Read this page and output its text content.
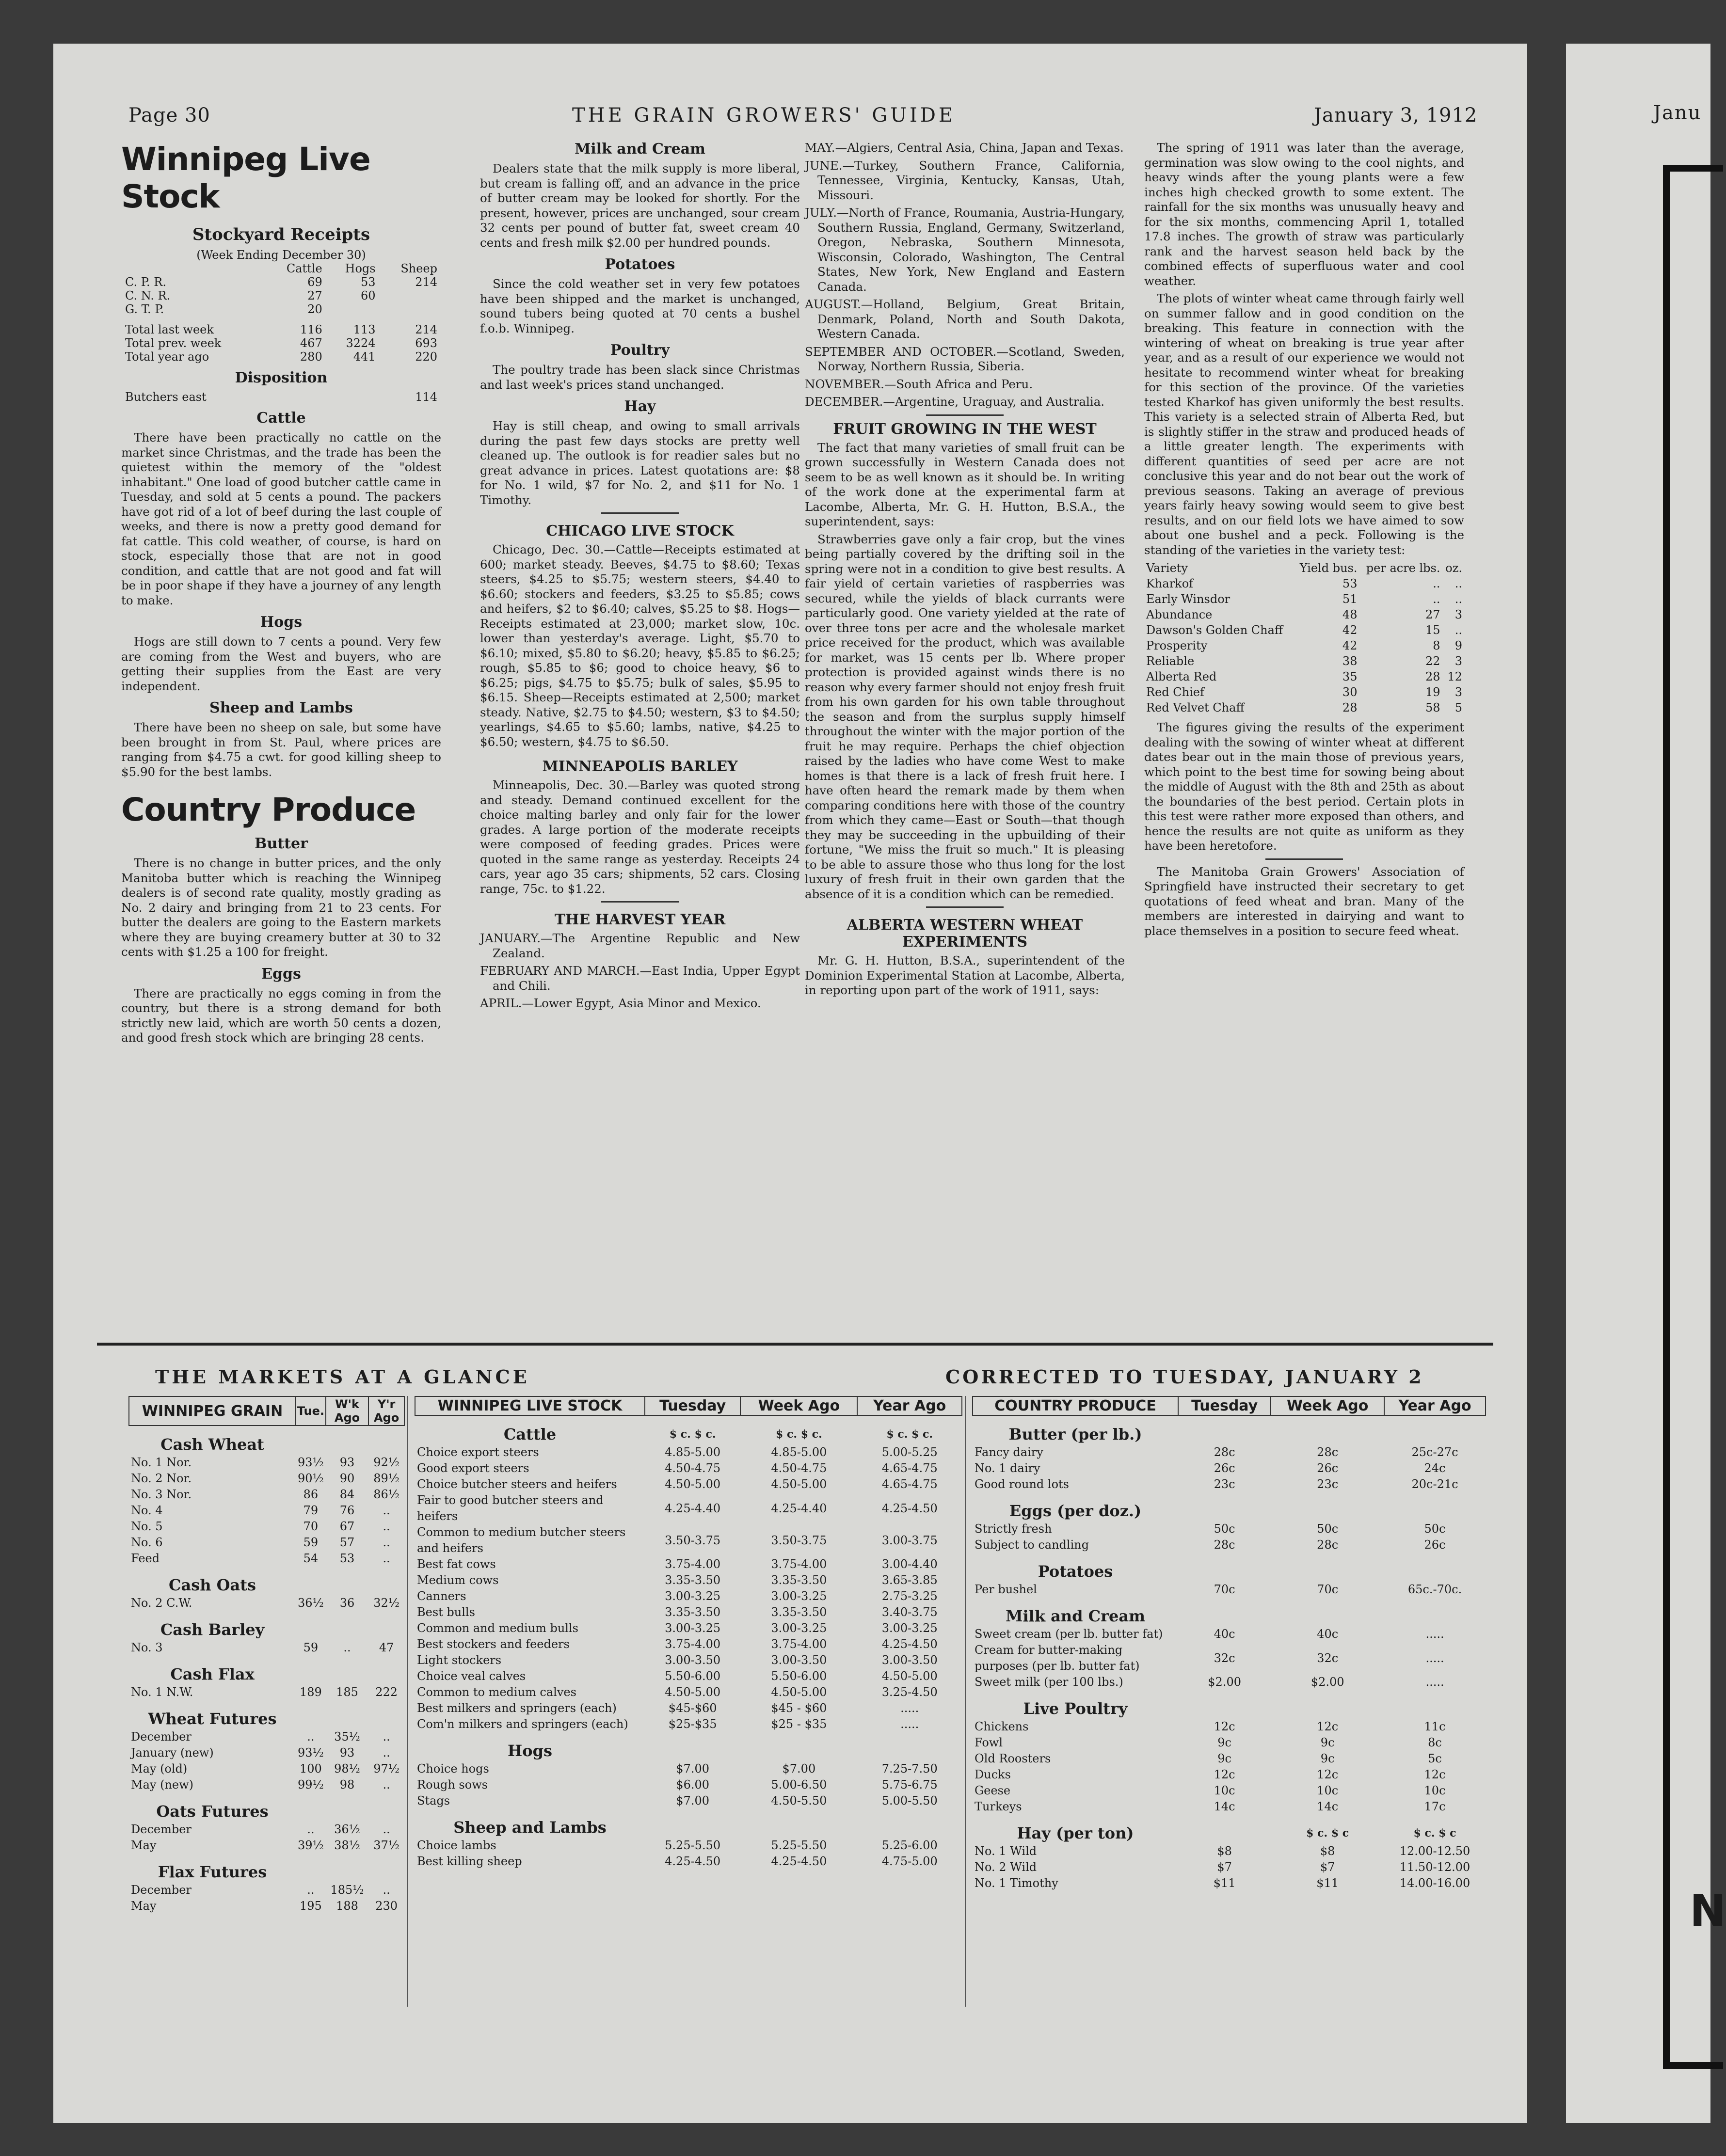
Janu
N
Page 30	THE GRAIN GROWERS' GUIDE	January 3, 1912
Winnipeg Live Stock
Stockyard Receipts
(Week Ending December 30)
	Cattle	Hogs	Sheep
C. P. R.	69	53	214
C. N. R.	27	60	
G. T. P.	20		

Total last week	116	113	214
Total prev. week	467	3224	693
Total year ago	280	441	220
Disposition
Butchers east	114
Cattle

There have been practically no cattle on the market since Christmas, and the trade has been the quietest within the memory of the "oldest inhabitant." One load of good butcher cattle came in Tuesday, and sold at 5 cents a pound. The packers have got rid of a lot of beef during the last couple of weeks, and there is now a pretty good demand for fat cattle. This cold weather, of course, is hard on stock, especially those that are not in good condition, and cattle that are not good and fat will be in poor shape if they have a journey of any length to make.

Hogs

Hogs are still down to 7 cents a pound. Very few are coming from the West and buyers, who are getting their supplies from the East are very independent.

Sheep and Lambs

There have been no sheep on sale, but some have been brought in from St. Paul, where prices are ranging from $4.75 a cwt. for good killing sheep to $5.90 for the best lambs.

Country Produce
Butter

There is no change in butter prices, and the only Manitoba butter which is reaching the Winnipeg dealers is of second rate quality, mostly grading as No. 2 dairy and bringing from 21 to 23 cents. For butter the dealers are going to the Eastern markets where they are buying creamery butter at 30 to 32 cents with $1.25 a 100 for freight.

Eggs

There are practically no eggs coming in from the country, but there is a strong demand for both strictly new laid, which are worth 50 cents a dozen, and good fresh stock which are bringing 28 cents.

Milk and Cream

Dealers state that the milk supply is more liberal, but cream is falling off, and an advance in the price of butter cream may be looked for shortly. For the present, however, prices are unchanged, sour cream 32 cents per pound of butter fat, sweet cream 40 cents and fresh milk $2.00 per hundred pounds.

Potatoes

Since the cold weather set in very few potatoes have been shipped and the market is unchanged, sound tubers being quoted at 70 cents a bushel f.o.b. Winnipeg.

Poultry

The poultry trade has been slack since Christmas and last week's prices stand unchanged.

Hay

Hay is still cheap, and owing to small arrivals during the past few days stocks are pretty well cleaned up. The outlook is for readier sales but no great advance in prices. Latest quotations are: $8 for No. 1 wild, $7 for No. 2, and $11 for No. 1 Timothy.

CHICAGO LIVE STOCK

Chicago, Dec. 30.—Cattle—Receipts estimated at 600; market steady. Beeves, $4.75 to $8.60; Texas steers, $4.25 to $5.75; western steers, $4.40 to $6.60; stockers and feeders, $3.25 to $5.85; cows and heifers, $2 to $6.40; calves, $5.25 to $8. Hogs—Receipts estimated at 23,000; market slow, 10c. lower than yesterday's average. Light, $5.70 to $6.10; mixed, $5.80 to $6.20; heavy, $5.85 to $6.25; rough, $5.85 to $6; good to choice heavy, $6 to $6.25; pigs, $4.75 to $5.75; bulk of sales, $5.95 to $6.15. Sheep—Receipts estimated at 2,500; market steady. Native, $2.75 to $4.50; western, $3 to $4.50; yearlings, $4.65 to $5.60; lambs, native, $4.25 to $6.50; western, $4.75 to $6.50.

MINNEAPOLIS BARLEY

Minneapolis, Dec. 30.—Barley was quoted strong and steady. Demand continued excellent for the choice malting barley and only fair for the lower grades. A large portion of the moderate receipts were composed of feeding grades. Prices were quoted in the same range as yesterday. Receipts 24 cars, year ago 35 cars; shipments, 52 cars. Closing range, 75c. to $1.22.

THE HARVEST YEAR

JANUARY.—The Argentine Republic and New Zealand.

FEBRUARY AND MARCH.—East India, Upper Egypt and Chili.

APRIL.—Lower Egypt, Asia Minor and Mexico.

MAY.—Algiers, Central Asia, China, Japan and Texas.

JUNE.—Turkey, Southern France, California, Tennessee, Virginia, Kentucky, Kansas, Utah, Missouri.

JULY.—North of France, Roumania, Austria-Hungary, Southern Russia, England, Germany, Switzerland, Oregon, Nebraska, Southern Minnesota, Wisconsin, Colorado, Washington, The Central States, New York, New England and Eastern Canada.

AUGUST.—Holland, Belgium, Great Britain, Denmark, Poland, North and South Dakota, Western Canada.

SEPTEMBER AND OCTOBER.—Scotland, Sweden, Norway, Northern Russia, Siberia.

NOVEMBER.—South Africa and Peru.

DECEMBER.—Argentine, Uraguay, and Australia.

FRUIT GROWING IN THE WEST

The fact that many varieties of small fruit can be grown successfully in Western Canada does not seem to be as well known as it should be. In writing of the work done at the experimental farm at Lacombe, Alberta, Mr. G. H. Hutton, B.S.A., the superintendent, says:

Strawberries gave only a fair crop, but the vines being partially covered by the drifting soil in the spring were not in a condition to give best results. A fair yield of certain varieties of raspberries was secured, while the yields of black currants were particularly good. One variety yielded at the rate of over three tons per acre and the wholesale market price received for the product, which was available for market, was 15 cents per lb. Where proper protection is provided against winds there is no reason why every farmer should not enjoy fresh fruit from his own garden for his own table throughout the season and from the surplus supply himself throughout the winter with the major portion of the fruit he may require. Perhaps the chief objection raised by the ladies who have come West to make homes is that there is a lack of fresh fruit here. I have often heard the remark made by them when comparing conditions here with those of the country from which they came—East or South—that though they may be succeeding in the upbuilding of their fortune, "We miss the fruit so much." It is pleasing to be able to assure those who thus long for the lost luxury of fresh fruit in their own garden that the absence of it is a condition which can be remedied.

ALBERTA WESTERN WHEAT EXPERIMENTS

Mr. G. H. Hutton, B.S.A., superintendent of the Dominion Experimental Station at Lacombe, Alberta, in reporting upon part of the work of 1911, says:

The spring of 1911 was later than the average, germination was slow owing to the cool nights, and heavy winds after the young plants were a few inches high checked growth to some extent. The rainfall for the six months was unusually heavy and for the six months, commencing April 1, totalled 17.8 inches. The growth of straw was particularly rank and the harvest season held back by the combined effects of superfluous water and cool weather.

The plots of winter wheat came through fairly well on summer fallow and in good condition on the breaking. This feature in connection with the wintering of wheat on breaking is true year after year, and as a result of our experience we would not hesitate to recommend winter wheat for breaking for this section of the province. Of the varieties tested Kharkof has given uniformly the best results. This variety is a selected strain of Alberta Red, but is slightly stiffer in the straw and produced heads of a little greater length. The experiments with different quantities of seed per acre are not conclusive this year and do not bear out the work of previous seasons. Taking an average of previous years fairly heavy sowing would seem to give best results, and on our field lots we have aimed to sow about one bushel and a peck. Following is the standing of the varieties in the variety test:

Variety	Yield bus.	per acre lbs.	oz.
Kharkof	53	..	..
Early Winsdor	51	..	..
Abundance	48	27	3
Dawson's Golden Chaff	42	15	..
Prosperity	42	8	9
Reliable	38	22	3
Alberta Red	35	28	12
Red Chief	30	19	3
Red Velvet Chaff	28	58	5

The figures giving the results of the experiment dealing with the sowing of winter wheat at different dates bear out in the main those of previous years, which point to the best time for sowing being about the middle of August with the 8th and 25th as about the boundaries of the best period. Certain plots in this test were rather more exposed than others, and hence the results are not quite as uniform as they have been heretofore.

The Manitoba Grain Growers' Association of Springfield have instructed their secretary to get quotations of feed wheat and bran. Many of the members are interested in dairying and want to place themselves in a position to secure feed wheat.

THE MARKETS AT A GLANCE	CORRECTED TO TUESDAY, JANUARY 2
WINNIPEG GRAIN	Tue.	W'k Ago	Y'r Ago
Cash Wheat			
No. 1 Nor.	93½	93	92½
No. 2 Nor.	90½	90	89½
No. 3 Nor.	86	84	86½
No. 4	79	76	..
No. 5	70	67	..
No. 6	59	57	..
Feed	54	53	..
Cash Oats			
No. 2 C.W.	36½	36	32½
Cash Barley			
No. 3	59	..	47
Cash Flax			
No. 1 N.W.	189	185	222
Wheat Futures			
December	..	35½	..
January (new)	93½	93	..
May (old)	100	98½	97½
May (new)	99½	98	..
Oats Futures			
December	..	36½	..
May	39½	38½	37½
Flax Futures			
December	..	185½	..
May	195	188	230
WINNIPEG LIVE STOCK	Tuesday	Week Ago	Year Ago
Cattle	$ c. $ c.	$ c. $ c.	$ c. $ c.
Choice export steers	4.85-5.00	4.85-5.00	5.00-5.25
Good export steers	4.50-4.75	4.50-4.75	4.65-4.75
Choice butcher steers and heifers	4.50-5.00	4.50-5.00	4.65-4.75
Fair to good butcher steers and heifers	4.25-4.40	4.25-4.40	4.25-4.50
Common to medium butcher steers and heifers	3.50-3.75	3.50-3.75	3.00-3.75
Best fat cows	3.75-4.00	3.75-4.00	3.00-4.40
Medium cows	3.35-3.50	3.35-3.50	3.65-3.85
Canners	3.00-3.25	3.00-3.25	2.75-3.25
Best bulls	3.35-3.50	3.35-3.50	3.40-3.75
Common and medium bulls	3.00-3.25	3.00-3.25	3.00-3.25
Best stockers and feeders	3.75-4.00	3.75-4.00	4.25-4.50
Light stockers	3.00-3.50	3.00-3.50	3.00-3.50
Choice veal calves	5.50-6.00	5.50-6.00	4.50-5.00
Common to medium calves	4.50-5.00	4.50-5.00	3.25-4.50
Best milkers and springers (each)	$45-$60	$45 - $60	.....
Com'n milkers and springers (each)	$25-$35	$25 - $35	.....
Hogs			
Choice hogs	$7.00	$7.00	7.25-7.50
Rough sows	$6.00	5.00-6.50	5.75-6.75
Stags	$7.00	4.50-5.50	5.00-5.50
Sheep and Lambs			
Choice lambs	5.25-5.50	5.25-5.50	5.25-6.00
Best killing sheep	4.25-4.50	4.25-4.50	4.75-5.00
COUNTRY PRODUCE	Tuesday	Week Ago	Year Ago
Butter (per lb.)			
Fancy dairy	28c	28c	25c-27c
No. 1 dairy	26c	26c	24c
Good round lots	23c	23c	20c-21c
Eggs (per doz.)			
Strictly fresh	50c	50c	50c
Subject to candling	28c	28c	26c
Potatoes			
Per bushel	70c	70c	65c.-70c.
Milk and Cream			
Sweet cream (per lb. butter fat)	40c	40c	.....
Cream for butter-making purposes (per lb. butter fat)	32c	32c	.....
Sweet milk (per 100 lbs.)	$2.00	$2.00	.....
Live Poultry			
Chickens	12c	12c	11c
Fowl	9c	9c	8c
Old Roosters	9c	9c	5c
Ducks	12c	12c	12c
Geese	10c	10c	10c
Turkeys	14c	14c	17c
Hay (per ton)		$ c. $ c	$ c. $ c
No. 1 Wild	$8	$8	12.00-12.50
No. 2 Wild	$7	$7	11.50-12.00
No. 1 Timothy	$11	$11	14.00-16.00
